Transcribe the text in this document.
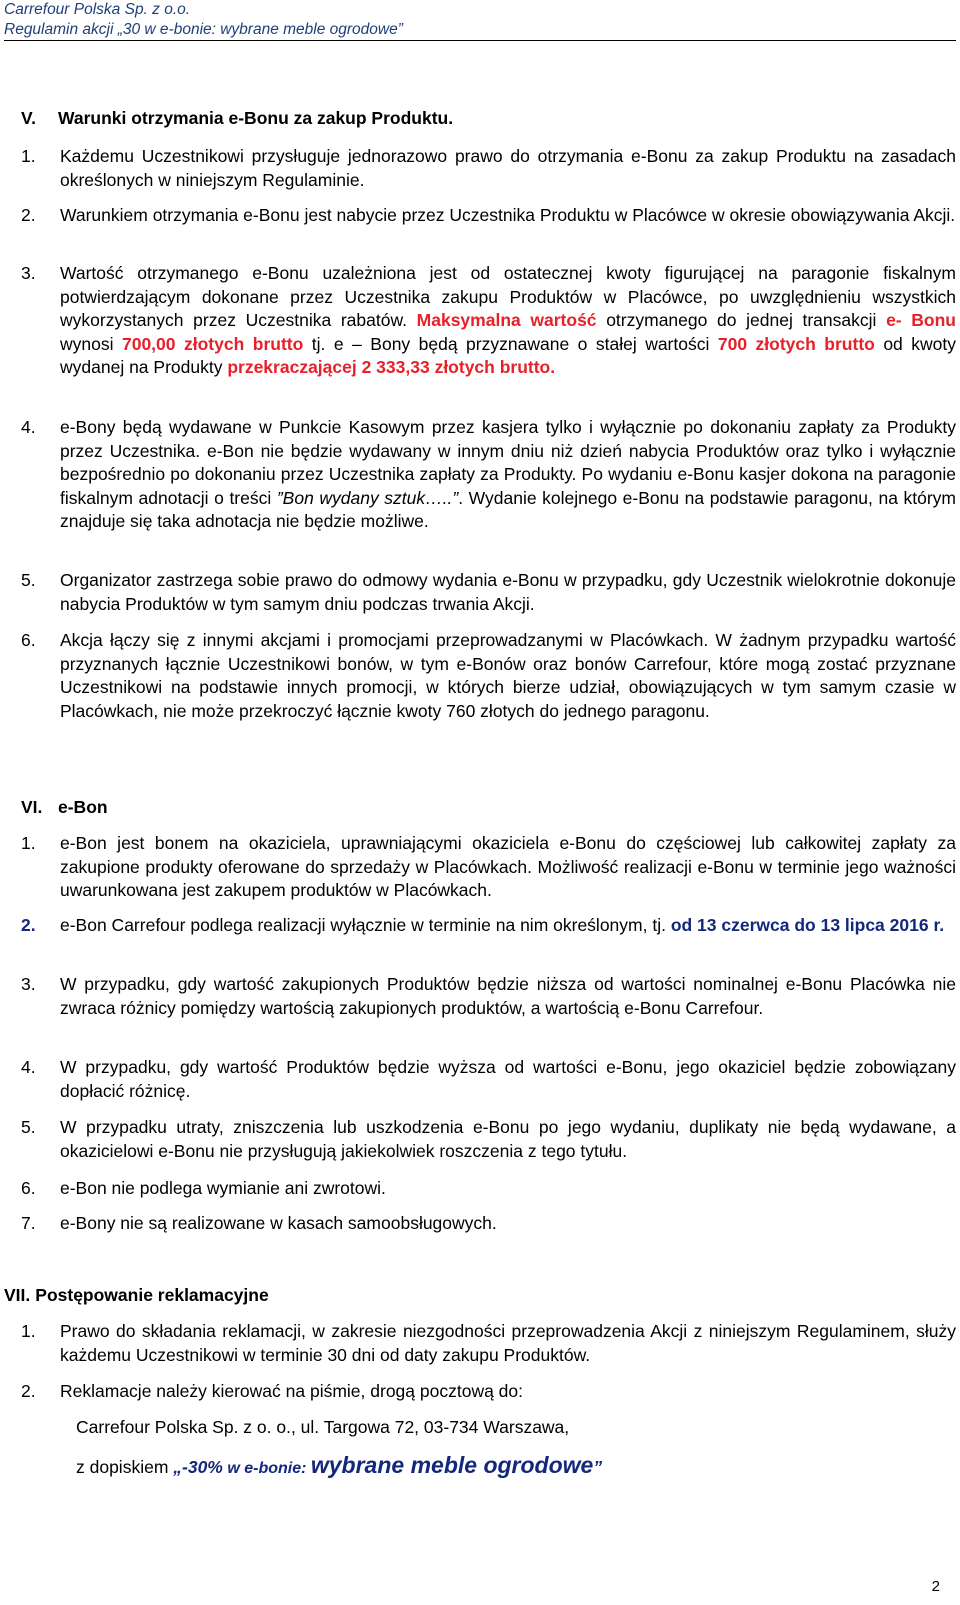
Carrefour Polska Sp. z o.o.
Regulamin akcji „30 w e-bonie: wybrane meble ogrodowe”
V. Warunki otrzymania e-Bonu za zakup Produktu.
1.	Każdemu Uczestnikowi przysługuje jednorazowo prawo do otrzymania e-Bonu za zakup Produktu na zasadach określonych w niniejszym Regulaminie.
2.	Warunkiem otrzymania e-Bonu jest nabycie przez Uczestnika Produktu w Placówce w okresie obowiązywania Akcji.
3.	Wartość otrzymanego e-Bonu uzależniona jest od ostatecznej kwoty figurującej na paragonie fiskalnym potwierdzającym dokonane przez Uczestnika zakupu Produktów w Placówce, po uwzględnieniu wszystkich wykorzystanych przez Uczestnika rabatów. Maksymalna wartość otrzymanego do jednej transakcji e- Bonu wynosi 700,00 złotych brutto tj. e – Bony będą przyznawane o stałej wartości 700 złotych brutto od kwoty wydanej na Produkty przekraczającej 2 333,33 złotych brutto.
4.	e-Bony będą wydawane w Punkcie Kasowym przez kasjera tylko i wyłącznie po dokonaniu zapłaty za Produkty przez Uczestnika. e-Bon nie będzie wydawany w innym dniu niż dzień nabycia Produktów oraz tylko i wyłącznie bezpośrednio po dokonaniu przez Uczestnika zapłaty za Produkty. Po wydaniu e-Bonu kasjer dokona na paragonie fiskalnym adnotacji o treści ”Bon wydany sztuk…..”. Wydanie kolejnego e-Bonu na podstawie paragonu, na którym znajduje się taka adnotacja nie będzie możliwe.
5.	Organizator zastrzega sobie prawo do odmowy wydania e-Bonu w przypadku, gdy Uczestnik wielokrotnie dokonuje nabycia Produktów w tym samym dniu podczas trwania Akcji.
6.	Akcja łączy się z innymi akcjami i promocjami przeprowadzanymi w Placówkach. W żadnym przypadku wartość przyznanych łącznie Uczestnikowi bonów, w tym e-Bonów oraz bonów Carrefour, które mogą zostać przyznane Uczestnikowi na podstawie innych promocji, w których bierze udział, obowiązujących w tym samym czasie w Placówkach, nie może przekroczyć łącznie kwoty 760 złotych do jednego paragonu.
VI. e-Bon
1.	e-Bon jest bonem na okaziciela, uprawniającymi okaziciela e-Bonu do częściowej lub całkowitej zapłaty za zakupione produkty oferowane do sprzedaży w Placówkach. Możliwość realizacji e-Bonu w terminie jego ważności uwarunkowana jest zakupem produktów w Placówkach.
2.	e-Bon Carrefour podlega realizacji wyłącznie w terminie na nim określonym, tj. od 13 czerwca do 13 lipca 2016 r.
3.	W przypadku, gdy wartość zakupionych Produktów będzie niższa od wartości nominalnej e-Bonu Placówka nie zwraca różnicy pomiędzy wartością zakupionych produktów, a wartością e-Bonu Carrefour.
4.	W przypadku, gdy wartość Produktów będzie wyższa od wartości e-Bonu, jego okaziciel będzie zobowiązany dopłacić różnicę.
5.	W przypadku utraty, zniszczenia lub uszkodzenia e-Bonu po jego wydaniu, duplikaty nie będą wydawane, a okazicielowi e-Bonu nie przysługują jakiekolwiek roszczenia z tego tytułu.
6.	e-Bon nie podlega wymianie ani zwrotowi.
7.	e-Bony nie są realizowane w kasach samoobsługowych.
VII. Postępowanie reklamacyjne
1.	Prawo do składania reklamacji, w zakresie niezgodności przeprowadzenia Akcji z niniejszym Regulaminem, służy każdemu Uczestnikowi w terminie 30 dni od daty zakupu Produktów.
2.	Reklamacje należy kierować na piśmie, drogą pocztową do:
Carrefour Polska Sp. z o. o., ul. Targowa 72, 03-734 Warszawa,
z dopiskiem „-30% w e-bonie: wybrane meble ogrodowe”
2
